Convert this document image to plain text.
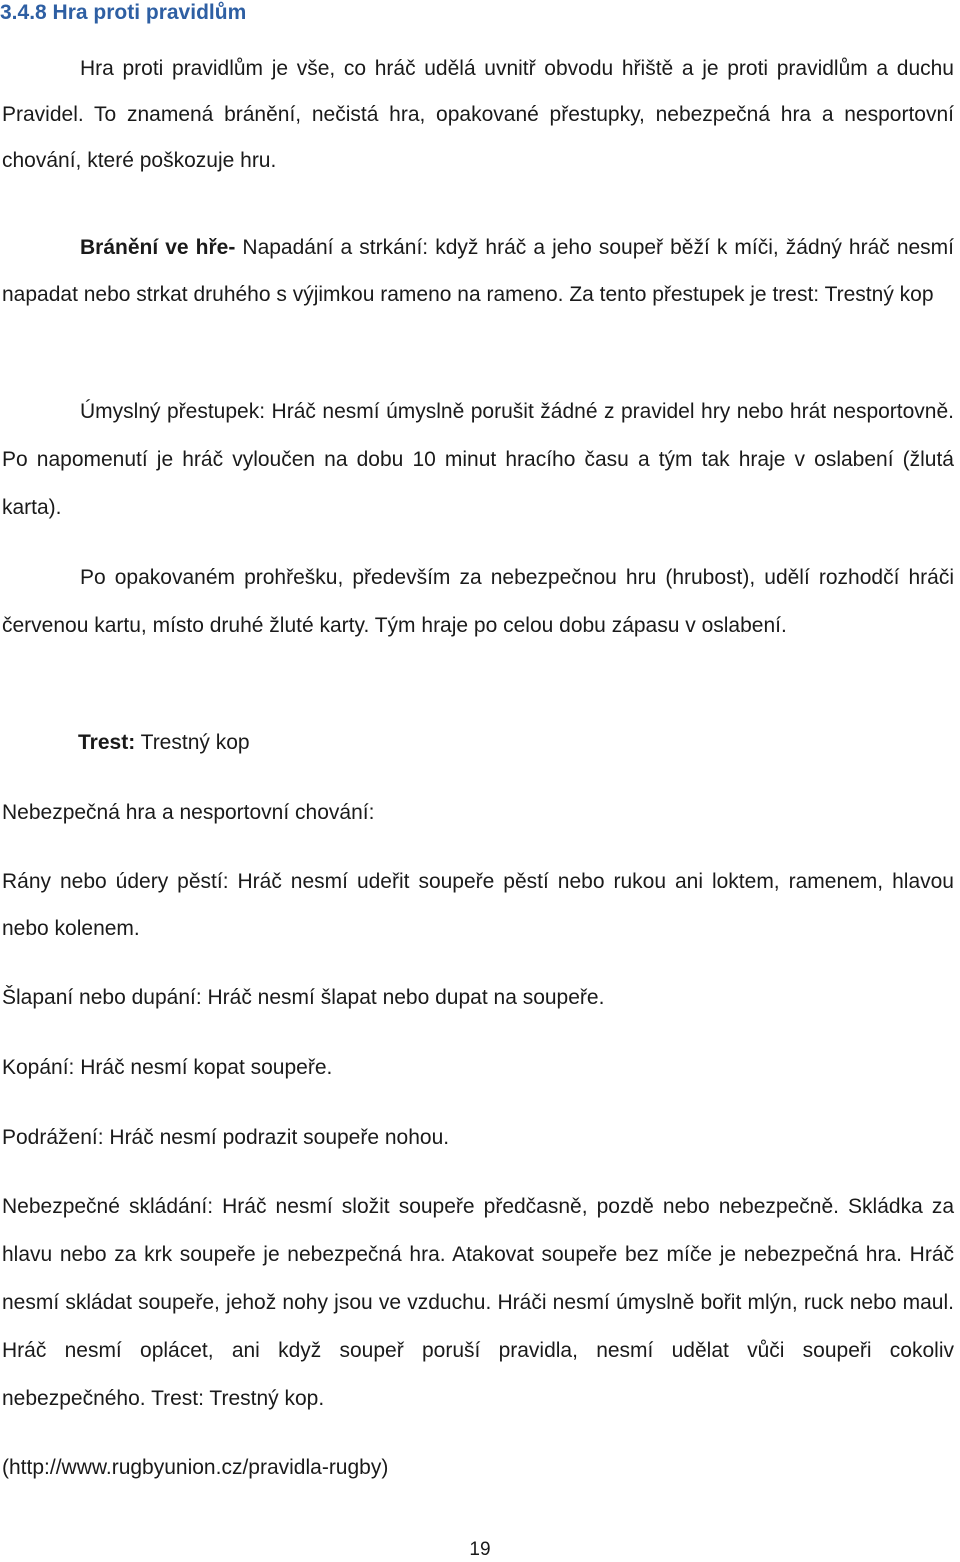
3.4.8 Hra proti pravidlům
Hra proti pravidlům je vše, co hráč udělá uvnitř obvodu hřiště a je proti pravidlům a duchu Pravidel. To znamená bránění, nečistá hra, opakované přestupky, nebezpečná hra a nesportovní chování, které poškozuje hru.
Bránění ve hře- Napadání a strkání: když hráč a jeho soupeř běží k míči, žádný hráč nesmí napadat nebo strkat druhého s výjimkou rameno na rameno. Za tento přestupek je trest: Trestný kop
Úmyslný přestupek: Hráč nesmí úmyslně porušit žádné z pravidel hry nebo hrát nesportovně. Po napomenutí je hráč vyloučen na dobu 10 minut hracího času a tým tak hraje v oslabení (žlutá karta).
Po opakovaném prohřešku, především za nebezpečnou hru (hrubost), udělí rozhodčí hráči červenou kartu, místo druhé žluté karty. Tým hraje po celou dobu zápasu v oslabení.
Trest: Trestný kop
Nebezpečná hra a nesportovní chování:
Rány nebo údery pěstí: Hráč nesmí udeřit soupeře pěstí nebo rukou ani loktem, ramenem, hlavou nebo kolenem.
Šlapaní nebo dupání: Hráč nesmí šlapat nebo dupat na soupeře.
Kopání: Hráč nesmí kopat soupeře.
Podrážení: Hráč nesmí podrazit soupeře nohou.
Nebezpečné skládání: Hráč nesmí složit soupeře předčasně, pozdě nebo nebezpečně. Skládka za hlavu nebo za krk soupeře je nebezpečná hra. Atakovat soupeře bez míče je nebezpečná hra. Hráč nesmí skládat soupeře, jehož nohy jsou ve vzduchu. Hráči nesmí úmyslně bořit mlýn, ruck nebo maul. Hráč nesmí oplácet, ani když soupeř poruší pravidla, nesmí udělat vůči soupeři cokoliv nebezpečného. Trest: Trestný kop.
(http://www.rugbyunion.cz/pravidla-rugby)
19
